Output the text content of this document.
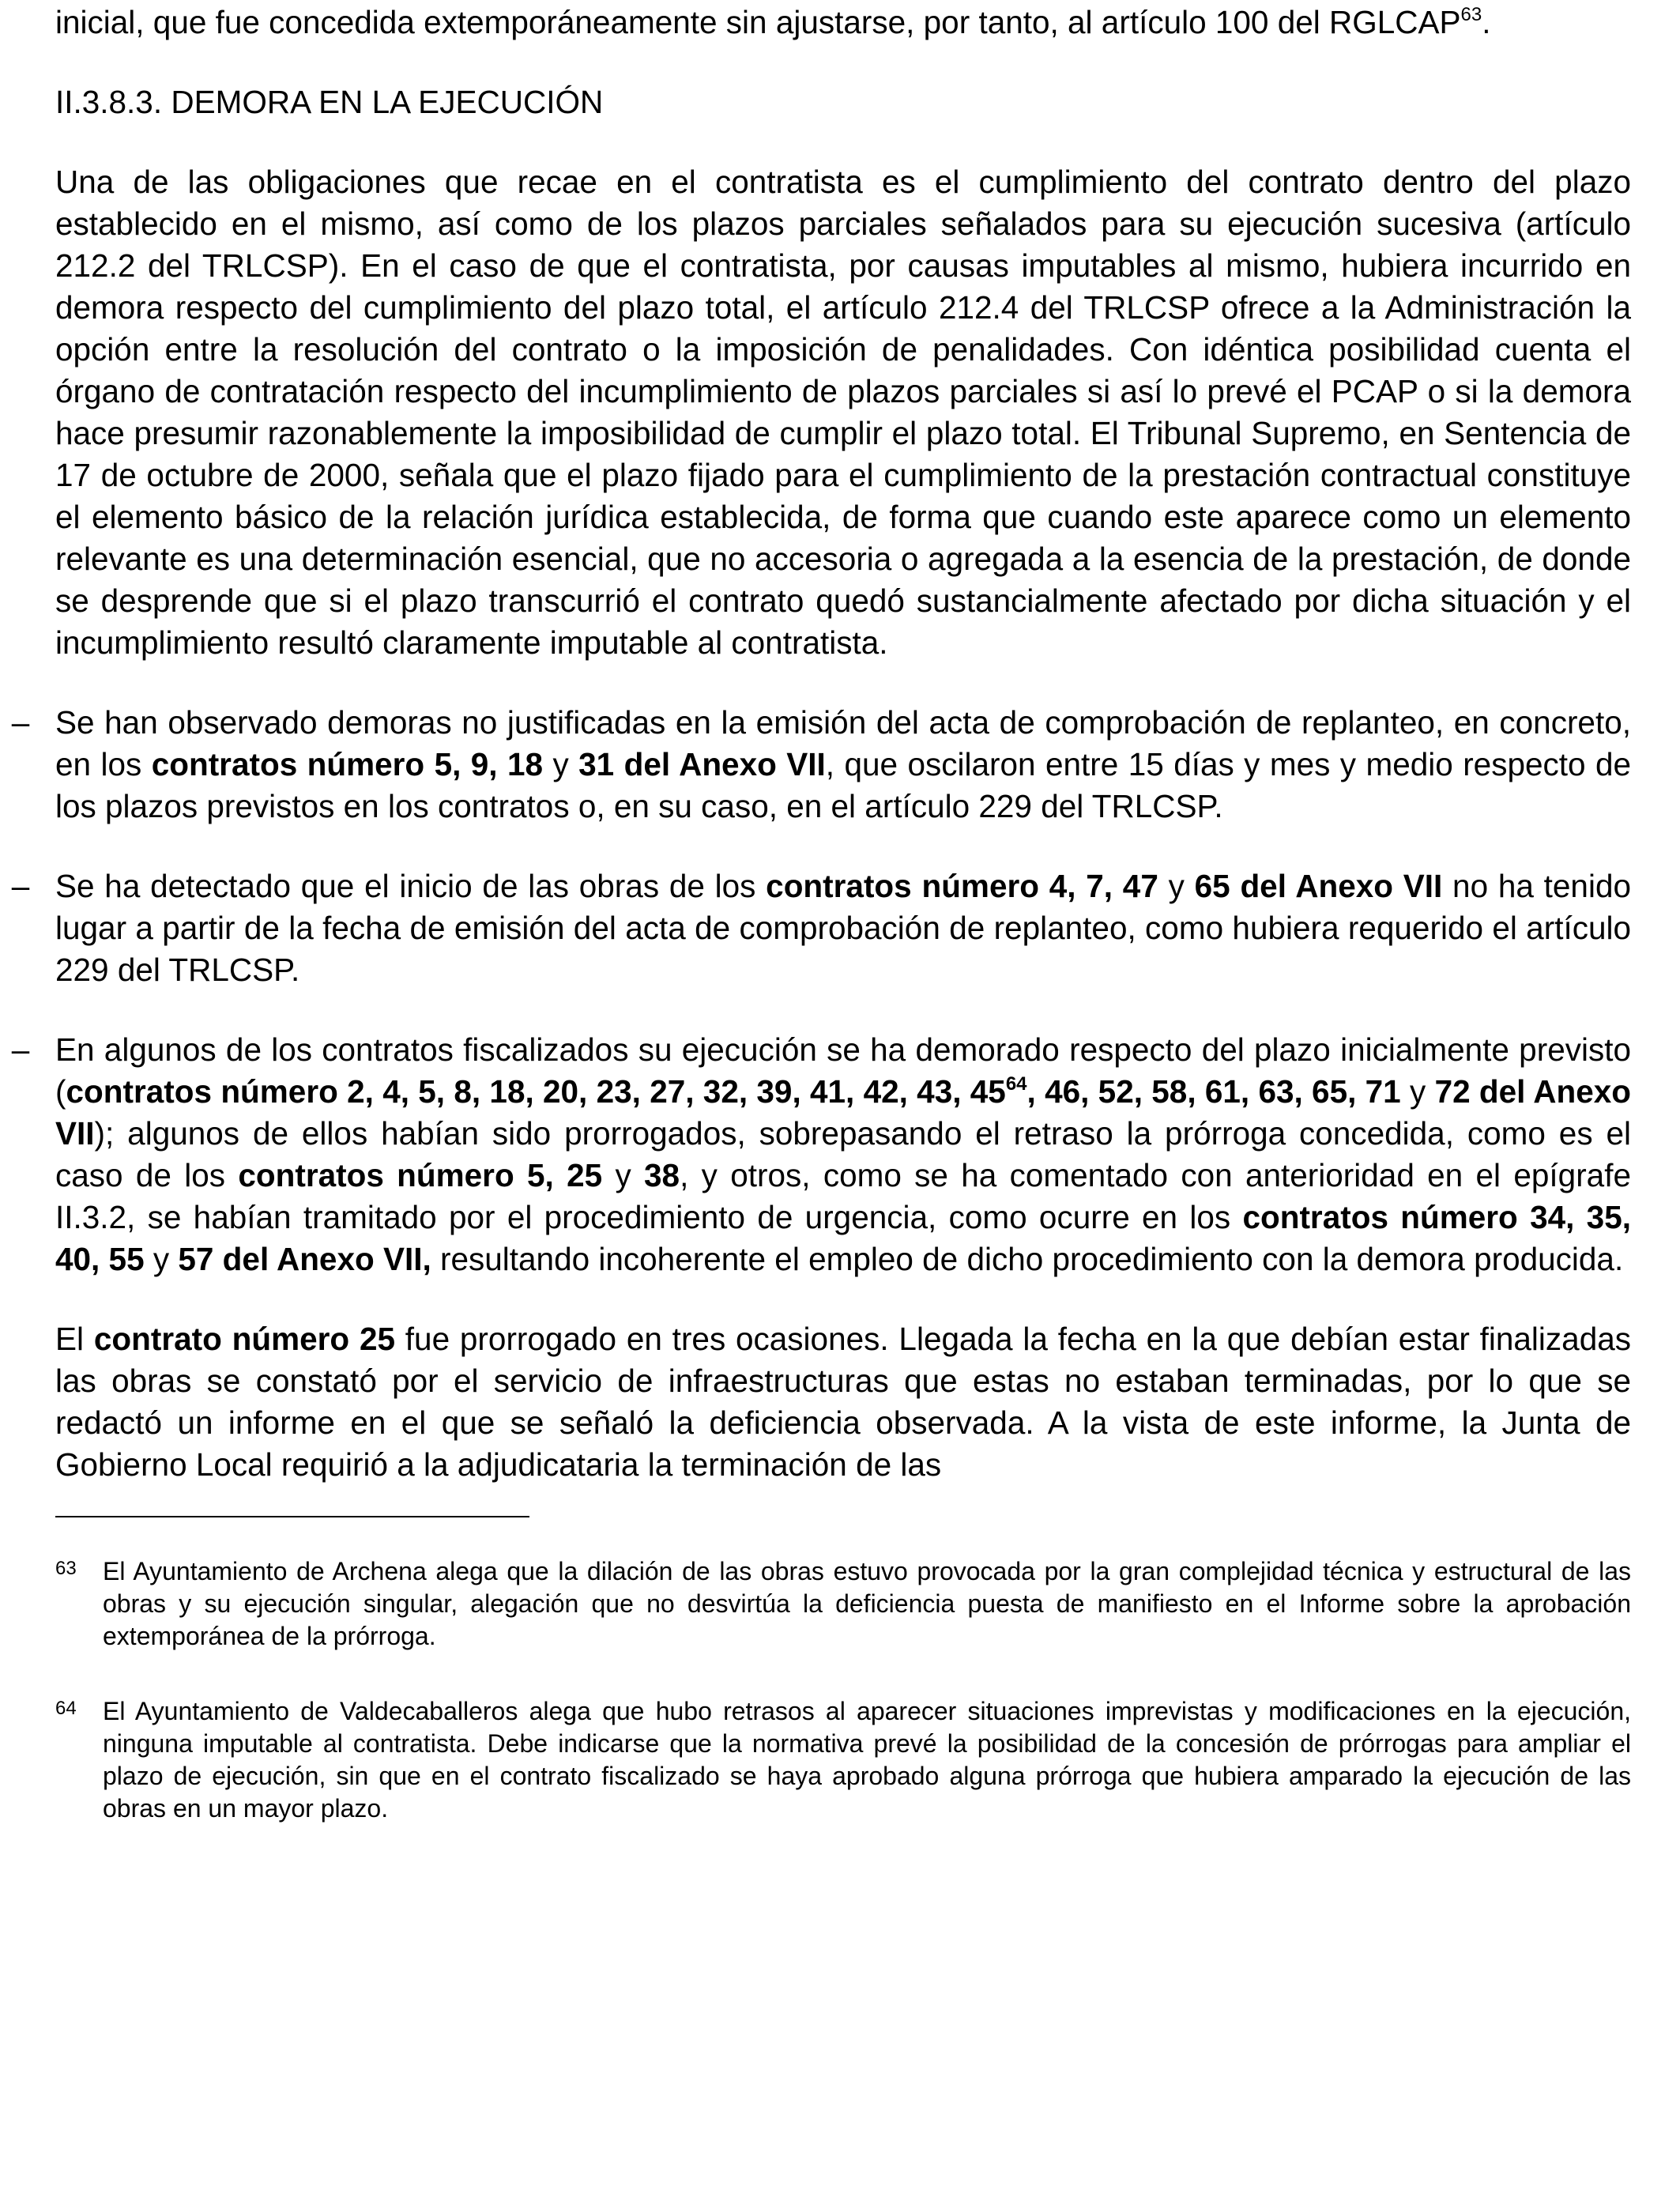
inicial, que fue concedida extemporáneamente sin ajustarse, por tanto, al artículo 100 del RGLCAP$^{63}$.

II.3.8.3. DEMORA EN LA EJECUCIÓN

Una de las obligaciones que recae en el contratista es el cumplimiento del contrato dentro del plazo establecido en el mismo, así como de los plazos parciales señalados para su ejecución sucesiva (artículo 212.2 del TRLCSP). En el caso de que el contratista, por causas imputables al mismo, hubiera incurrido en demora respecto del cumplimiento del plazo total, el artículo 212.4 del TRLCSP ofrece a la Administración la opción entre la resolución del contrato o la imposición de penalidades. Con idéntica posibilidad cuenta el órgano de contratación respecto del incumplimiento de plazos parciales si así lo prevé el PCAP o si la demora hace presumir razonablemente la imposibilidad de cumplir el plazo total. El Tribunal Supremo, en Sentencia de 17 de octubre de 2000, señala que el plazo fijado para el cumplimiento de la prestación contractual constituye el elemento básico de la relación jurídica establecida, de forma que cuando este aparece como un elemento relevante es una determinación esencial, que no accesoria o agregada a la esencia de la prestación, de donde se desprende que si el plazo transcurrió el contrato quedó sustancialmente afectado por dicha situación y el incumplimiento resultó claramente imputable al contratista.

– Se han observado demoras no justificadas en la emisión del acta de comprobación de replanteo, en concreto, en los contratos número 5, 9, 18 y 31 del Anexo VII, que oscilaron entre 15 días y mes y medio respecto de los plazos previstos en los contratos o, en su caso, en el artículo 229 del TRLCSP.

– Se ha detectado que el inicio de las obras de los contratos número 4, 7, 47 y 65 del Anexo VII no ha tenido lugar a partir de la fecha de emisión del acta de comprobación de replanteo, como hubiera requerido el artículo 229 del TRLCSP.

– En algunos de los contratos fiscalizados su ejecución se ha demorado respecto del plazo inicialmente previsto (contratos número 2, 4, 5, 8, 18, 20, 23, 27, 32, 39, 41, 42, 43, $45^{64}$, 46, 52, 58, 61, 63, 65, 71 y 72 del Anexo VII); algunos de ellos habían sido prorrogados, sobrepasando el retraso la prórroga concedida, como es el caso de los contratos número 5, 25 y 38, y otros, como se ha comentado con anterioridad en el epígrafe II.3.2, se habían tramitado por el procedimiento de urgencia, como ocurre en los contratos número 34, 35, 40, 55 y 57 del Anexo VII, resultando incoherente el empleo de dicho procedimiento con la demora producida.

El contrato número 25 fue prorrogado en tres ocasiones. Llegada la fecha en la que debían estar finalizadas las obras se constató por el servicio de infraestructuras que estas no estaban terminadas, por lo que se redactó un informe en el que se señaló la deficiencia observada. A la vista de este informe, la Junta de Gobierno Local requirió a la adjudicataria la terminación de las

63 El Ayuntamiento de Archena alega que la dilación de las obras estuvo provocada por la gran complejidad técnica y estructural de las obras y su ejecución singular, alegación que no desvirtúa la deficiencia puesta de manifiesto en el Informe sobre la aprobación extemporánea de la prórroga.

64 El Ayuntamiento de Valdecaballeros alega que hubo retrasos al aparecer situaciones imprevistas y modificaciones en la ejecución, ninguna imputable al contratista. Debe indicarse que la normativa prevé la posibilidad de la concesión de prórrogas para ampliar el plazo de ejecución, sin que en el contrato fiscalizado se haya aprobado alguna prórroga que hubiera amparado la ejecución de las obras en un mayor plazo.
